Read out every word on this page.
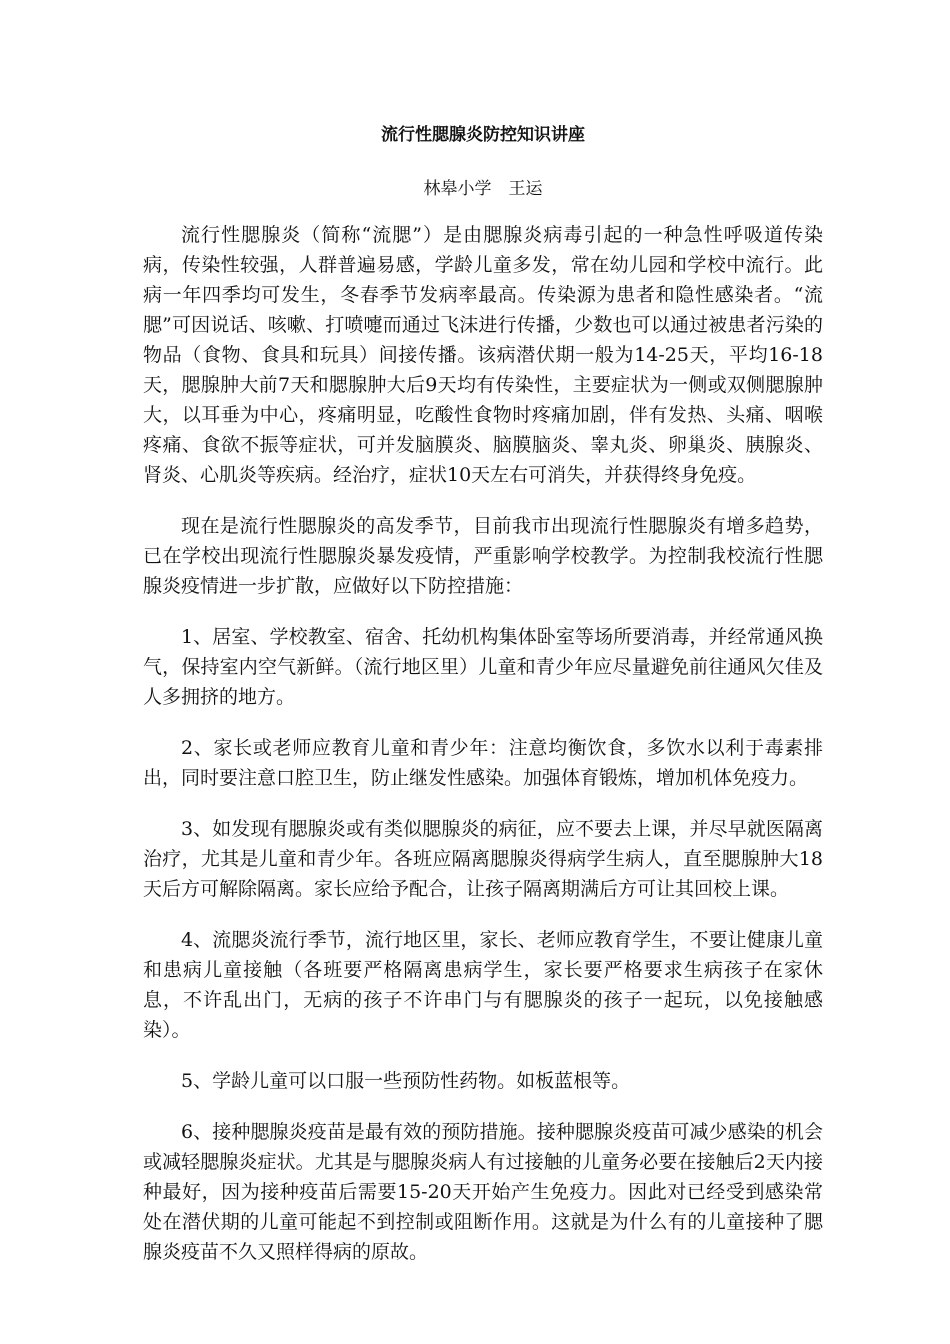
流行性腮腺炎防控知识讲座
林皋小学　王运

流行性腮腺炎（简称“流腮”）是由腮腺炎病毒引起的一种急性呼吸道传染病，传染性较强，人群普遍易感，学龄儿童多发，常在幼儿园和学校中流行。此病一年四季均可发生，冬春季节发病率最高。传染源为患者和隐性感染者。“流腮”可因说话、咳嗽、打喷嚏而通过飞沫进行传播，少数也可以通过被患者污染的物品（食物、食具和玩具）间接传播。该病潜伏期一般为14-25天，平均16-18天，腮腺肿大前7天和腮腺肿大后9天均有传染性，主要症状为一侧或双侧腮腺肿大，以耳垂为中心，疼痛明显，吃酸性食物时疼痛加剧，伴有发热、头痛、咽喉疼痛、食欲不振等症状，可并发脑膜炎、脑膜脑炎、睾丸炎、卵巢炎、胰腺炎、肾炎、心肌炎等疾病。经治疗，症状10天左右可消失，并获得终身免疫。

现在是流行性腮腺炎的高发季节，目前我市出现流行性腮腺炎有增多趋势，已在学校出现流行性腮腺炎暴发疫情，严重影响学校教学。为控制我校流行性腮腺炎疫情进一步扩散，应做好以下防控措施：

1、居室、学校教室、宿舍、托幼机构集体卧室等场所要消毒，并经常通风换气，保持室内空气新鲜。（流行地区里）儿童和青少年应尽量避免前往通风欠佳及人多拥挤的地方。

2、家长或老师应教育儿童和青少年：注意均衡饮食，多饮水以利于毒素排出，同时要注意口腔卫生，防止继发性感染。加强体育锻炼，增加机体免疫力。

3、如发现有腮腺炎或有类似腮腺炎的病征，应不要去上课，并尽早就医隔离治疗，尤其是儿童和青少年。各班应隔离腮腺炎得病学生病人，直至腮腺肿大18天后方可解除隔离。家长应给予配合，让孩子隔离期满后方可让其回校上课。

4、流腮炎流行季节，流行地区里，家长、老师应教育学生，不要让健康儿童和患病儿童接触（各班要严格隔离患病学生，家长要严格要求生病孩子在家休息，不许乱出门，无病的孩子不许串门与有腮腺炎的孩子一起玩，以免接触感染）。

5、学龄儿童可以口服一些预防性药物。如板蓝根等。

6、接种腮腺炎疫苗是最有效的预防措施。接种腮腺炎疫苗可减少感染的机会或减轻腮腺炎症状。尤其是与腮腺炎病人有过接触的儿童务必要在接触后2天内接种最好，因为接种疫苗后需要15-20天开始产生免疫力。因此对已经受到感染常处在潜伏期的儿童可能起不到控制或阻断作用。这就是为什么有的儿童接种了腮腺炎疫苗不久又照样得病的原故。
